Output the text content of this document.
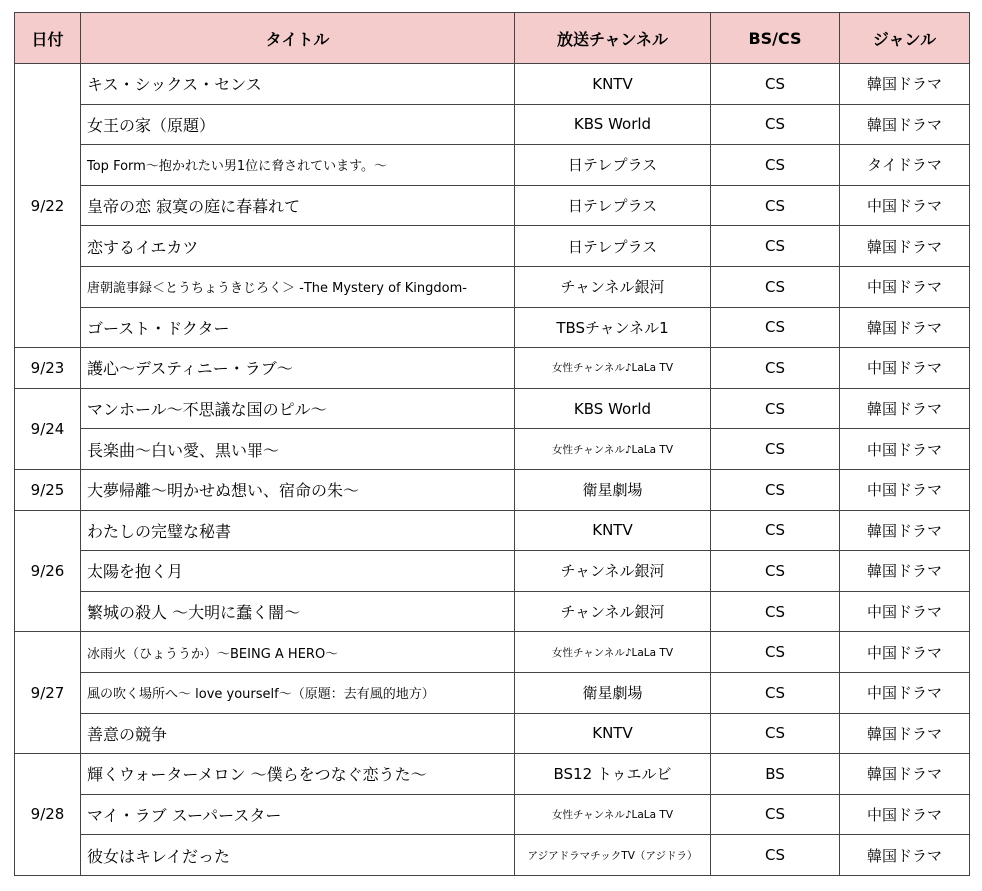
日付	タイトル	放送チャンネル	BS/CS	ジャンル
9/22	キス・シックス・センス	KNTV	CS	韓国ドラマ
	女王の家（原題）	KBS World	CS	韓国ドラマ
	Top Form～抱かれたい男1位に脅されています。～	日テレプラス	CS	タイドラマ
	皇帝の恋 寂寞の庭に春暮れて	日テレプラス	CS	中国ドラマ
	恋するイエカツ	日テレプラス	CS	韓国ドラマ
	唐朝詭事録＜とうちょうきじろく＞ -The Mystery of Kingdom-	チャンネル銀河	CS	中国ドラマ
	ゴースト・ドクター	TBSチャンネル1	CS	韓国ドラマ
9/23	護心～デスティニー・ラブ～	女性チャンネル♪LaLa TV	CS	中国ドラマ
9/24	マンホール～不思議な国のピル～	KBS World	CS	韓国ドラマ
	長楽曲～白い愛、黒い罪～	女性チャンネル♪LaLa TV	CS	中国ドラマ
9/25	大夢帰離～明かせぬ想い、宿命の朱～	衛星劇場	CS	中国ドラマ
9/26	わたしの完璧な秘書	KNTV	CS	韓国ドラマ
	太陽を抱く月	チャンネル銀河	CS	韓国ドラマ
	繁城の殺人 ～大明に蠢く闇～	チャンネル銀河	CS	中国ドラマ
9/27	冰雨火（ひょううか）～BEING A HERO～	女性チャンネル♪LaLa TV	CS	中国ドラマ
	風の吹く場所へ～ love yourself～（原題：去有風的地方）	衛星劇場	CS	中国ドラマ
	善意の競争	KNTV	CS	韓国ドラマ
9/28	輝くウォーターメロン ～僕らをつなぐ恋うた～	BS12 トゥエルビ	BS	韓国ドラマ
	マイ・ラブ スーパースター	女性チャンネル♪LaLa TV	CS	中国ドラマ
	彼女はキレイだった	アジアドラマチックTV（アジドラ）	CS	韓国ドラマ
